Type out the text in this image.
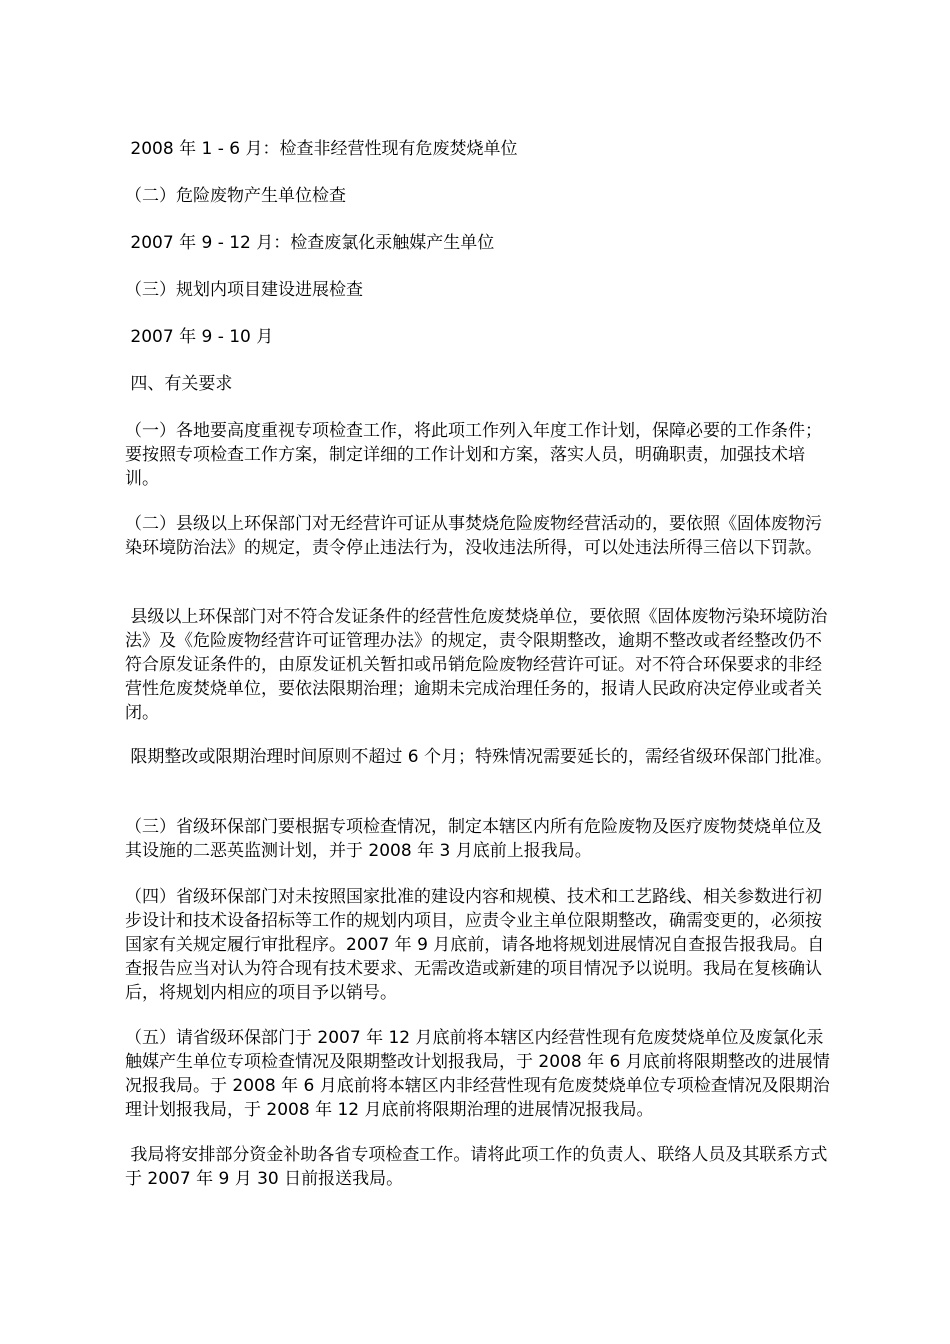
2008 年 1 - 6 月：检查非经营性现有危废焚烧单位

（二）危险废物产生单位检查

2007 年 9 - 12 月：检查废氯化汞触媒产生单位

（三）规划内项目建设进展检查

2007 年 9 - 10 月

四、有关要求

（一）各地要高度重视专项检查工作，将此项工作列入年度工作计划，保障必要的工作条件；要按照专项检查工作方案，制定详细的工作计划和方案，落实人员，明确职责，加强技术培训。

（二）县级以上环保部门对无经营许可证从事焚烧危险废物经营活动的，要依照《固体废物污染环境防治法》的规定，责令停止违法行为，没收违法所得，可以处违法所得三倍以下罚款。

县级以上环保部门对不符合发证条件的经营性危废焚烧单位，要依照《固体废物污染环境防治法》及《危险废物经营许可证管理办法》的规定，责令限期整改，逾期不整改或者经整改仍不符合原发证条件的，由原发证机关暂扣或吊销危险废物经营许可证。对不符合环保要求的非经营性危废焚烧单位，要依法限期治理；逾期未完成治理任务的，报请人民政府决定停业或者关闭。

限期整改或限期治理时间原则不超过 6 个月；特殊情况需要延长的，需经省级环保部门批准。

（三）省级环保部门要根据专项检查情况，制定本辖区内所有危险废物及医疗废物焚烧单位及其设施的二恶英监测计划，并于 2008 年 3 月底前上报我局。

（四）省级环保部门对未按照国家批准的建设内容和规模、技术和工艺路线、相关参数进行初步设计和技术设备招标等工作的规划内项目，应责令业主单位限期整改，确需变更的，必须按国家有关规定履行审批程序。2007 年 9 月底前，请各地将规划进展情况自查报告报我局。自查报告应当对认为符合现有技术要求、无需改造或新建的项目情况予以说明。我局在复核确认后，将规划内相应的项目予以销号。

（五）请省级环保部门于 2007 年 12 月底前将本辖区内经营性现有危废焚烧单位及废氯化汞触媒产生单位专项检查情况及限期整改计划报我局，于 2008 年 6 月底前将限期整改的进展情况报我局。于 2008 年 6 月底前将本辖区内非经营性现有危废焚烧单位专项检查情况及限期治理计划报我局，于 2008 年 12 月底前将限期治理的进展情况报我局。

我局将安排部分资金补助各省专项检查工作。请将此项工作的负责人、联络人员及其联系方式于 2007 年 9 月 30 日前报送我局。
